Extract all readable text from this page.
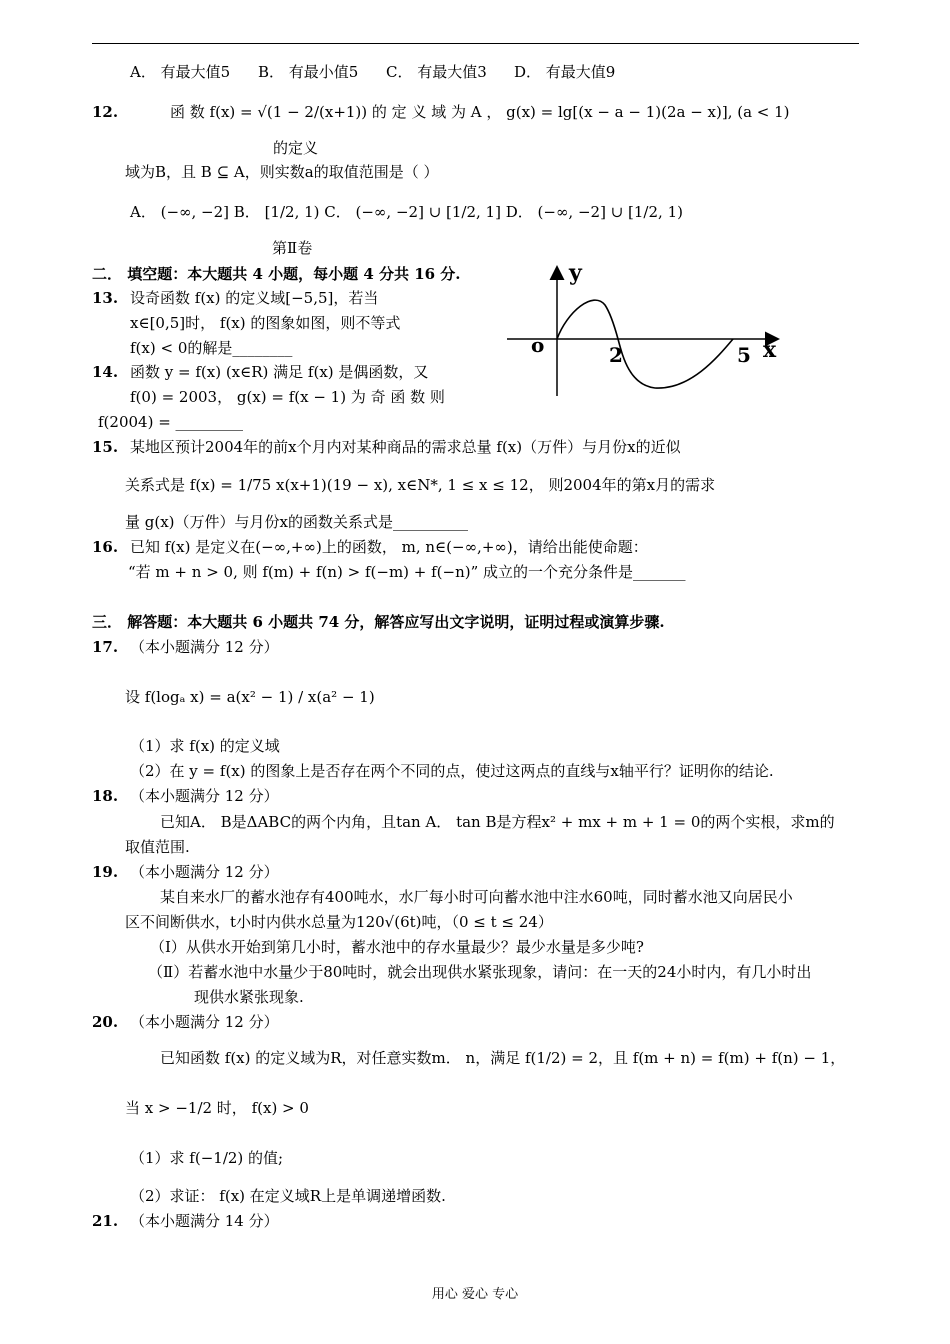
A． 有最大值5 B． 有最小值5 C． 有最大值3 D． 有最大值9
12.	函 数 f(x) = √(1 − 2/(x+1)) 的 定 义 域 为 A ， g(x) = lg[(x − a − 1)(2a − x)], (a < 1)
的定义
域为B，且 B ⊆ A，则实数a的取值范围是（ ）
A． (−∞, −2] B． [1/2, 1) C． (−∞, −2] ∪ [1/2, 1] D． (−∞, −2] ∪ [1/2, 1)
第Ⅱ卷
二． 填空题：本大题共 4 小题，每小题 4 分共 16 分.
13. 设奇函数 f(x) 的定义域[−5,5]，若当
x∈[0,5]时， f(x) 的图象如图，则不等式
f(x) < 0的解是________
14. 函数 y = f(x) (x∈R) 满足 f(x) 是偶函数，又
f(0) = 2003， g(x) = f(x − 1) 为 奇 函 数 则
f(2004) = _________
y
x
o	2	5
15. 某地区预计2004年的前x个月内对某种商品的需求总量 f(x)（万件）与月份x的近似
关系式是 f(x) = 1/75 x(x+1)(19 − x), x∈N*, 1 ≤ x ≤ 12， 则2004年的第x月的需求
量 g(x)（万件）与月份x的函数关系式是__________
16. 已知 f(x) 是定义在(−∞,+∞)上的函数， m, n∈(−∞,+∞)，请给出能使命题：
“若 m + n > 0, 则 f(m) + f(n) > f(−m) + f(−n)” 成立的一个充分条件是_______
三． 解答题：本大题共 6 小题共 74 分，解答应写出文字说明，证明过程或演算步骤.
17. （本小题满分 12 分）
设 f(logₐ x) = a(x² − 1) / x(a² − 1)
（1）求 f(x) 的定义域
（2）在 y = f(x) 的图象上是否存在两个不同的点，使过这两点的直线与x轴平行？证明你的结论.
18. （本小题满分 12 分）
已知A． B是ΔABC的两个内角，且tan A． tan B是方程x² + mx + m + 1 = 0的两个实根，求m的
取值范围.
19. （本小题满分 12 分）
某自来水厂的蓄水池存有400吨水，水厂每小时可向蓄水池中注水60吨，同时蓄水池又向居民小
区不间断供水，t小时内供水总量为120√(6t)吨，（0 ≤ t ≤ 24）
（Ⅰ）从供水开始到第几小时，蓄水池中的存水量最少？最少水量是多少吨?
（Ⅱ）若蓄水池中水量少于80吨时，就会出现供水紧张现象，请问：在一天的24小时内，有几小时出
现供水紧张现象.
20. （本小题满分 12 分）
已知函数 f(x) 的定义域为R，对任意实数m． n，满足 f(1/2) = 2，且 f(m + n) = f(m) + f(n) − 1，
当 x > −1/2 时， f(x) > 0
（1）求 f(−1/2) 的值;
（2）求证： f(x) 在定义域R上是单调递增函数.
21. （本小题满分 14 分）
用心 爱心 专心
